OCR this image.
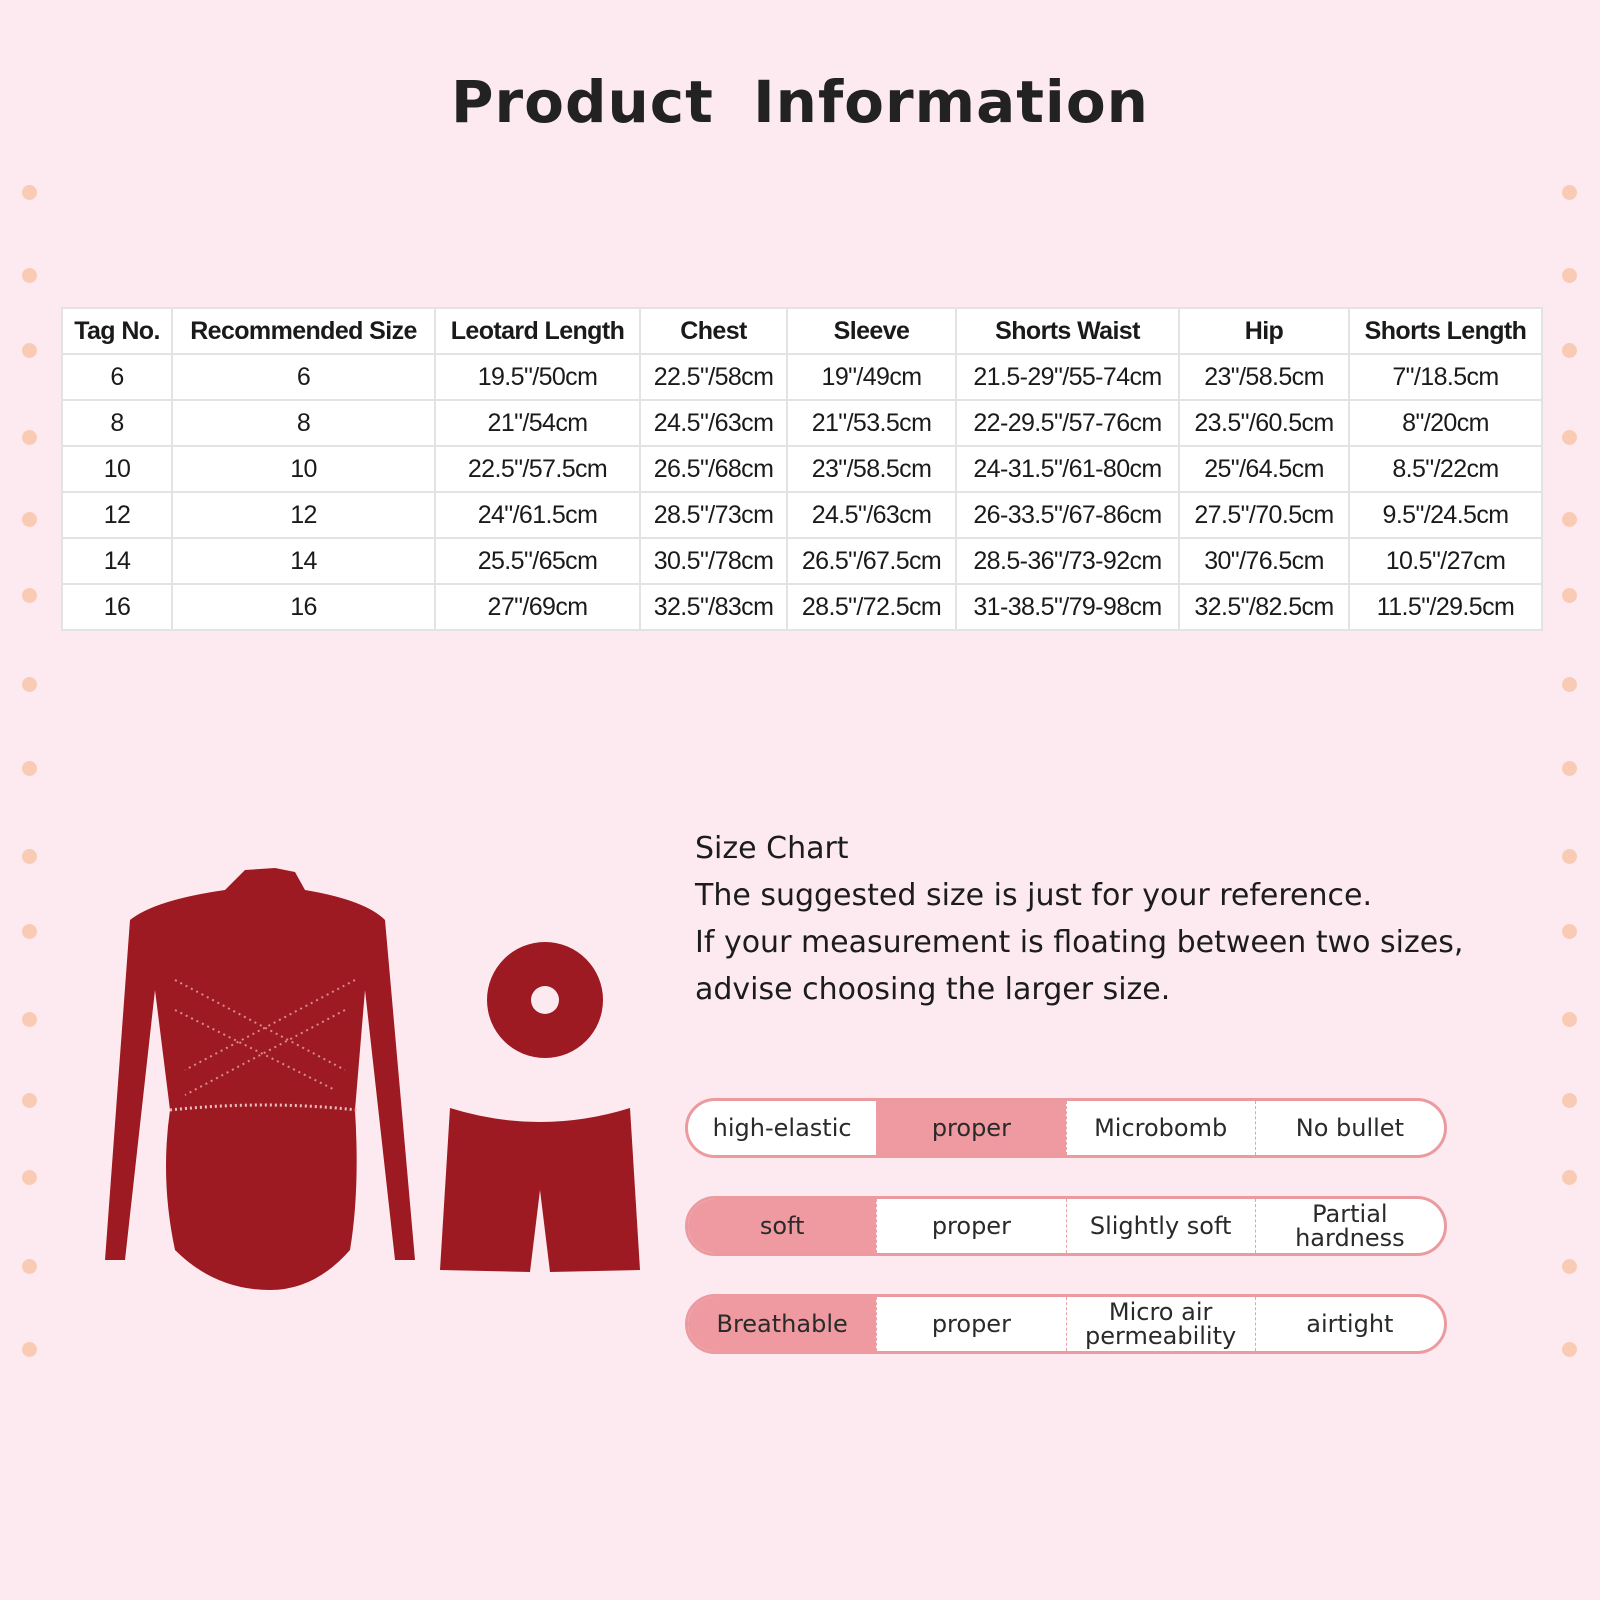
Product Information
Tag No.	Recommended Size	Leotard Length	Chest	Sleeve	Shorts Waist	Hip	Shorts Length
6	6	19.5"/50cm	22.5"/58cm	19"/49cm	21.5-29"/55-74cm	23"/58.5cm	7"/18.5cm
8	8	21"/54cm	24.5"/63cm	21"/53.5cm	22-29.5"/57-76cm	23.5"/60.5cm	8"/20cm
10	10	22.5"/57.5cm	26.5"/68cm	23"/58.5cm	24-31.5"/61-80cm	25"/64.5cm	8.5"/22cm
12	12	24"/61.5cm	28.5"/73cm	24.5"/63cm	26-33.5"/67-86cm	27.5"/70.5cm	9.5"/24.5cm
14	14	25.5"/65cm	30.5"/78cm	26.5"/67.5cm	28.5-36"/73-92cm	30"/76.5cm	10.5"/27cm
16	16	27"/69cm	32.5"/83cm	28.5"/72.5cm	31-38.5"/79-98cm	32.5"/82.5cm	11.5"/29.5cm
Size Chart
The suggested size is just for your reference.
If your measurement is floating between two sizes,
advise choosing the larger size.
high-elastic	proper	Microbomb	No bullet
soft	proper	Slightly soft	Partial hardness
Breathable	proper	Micro air permeability	airtight
